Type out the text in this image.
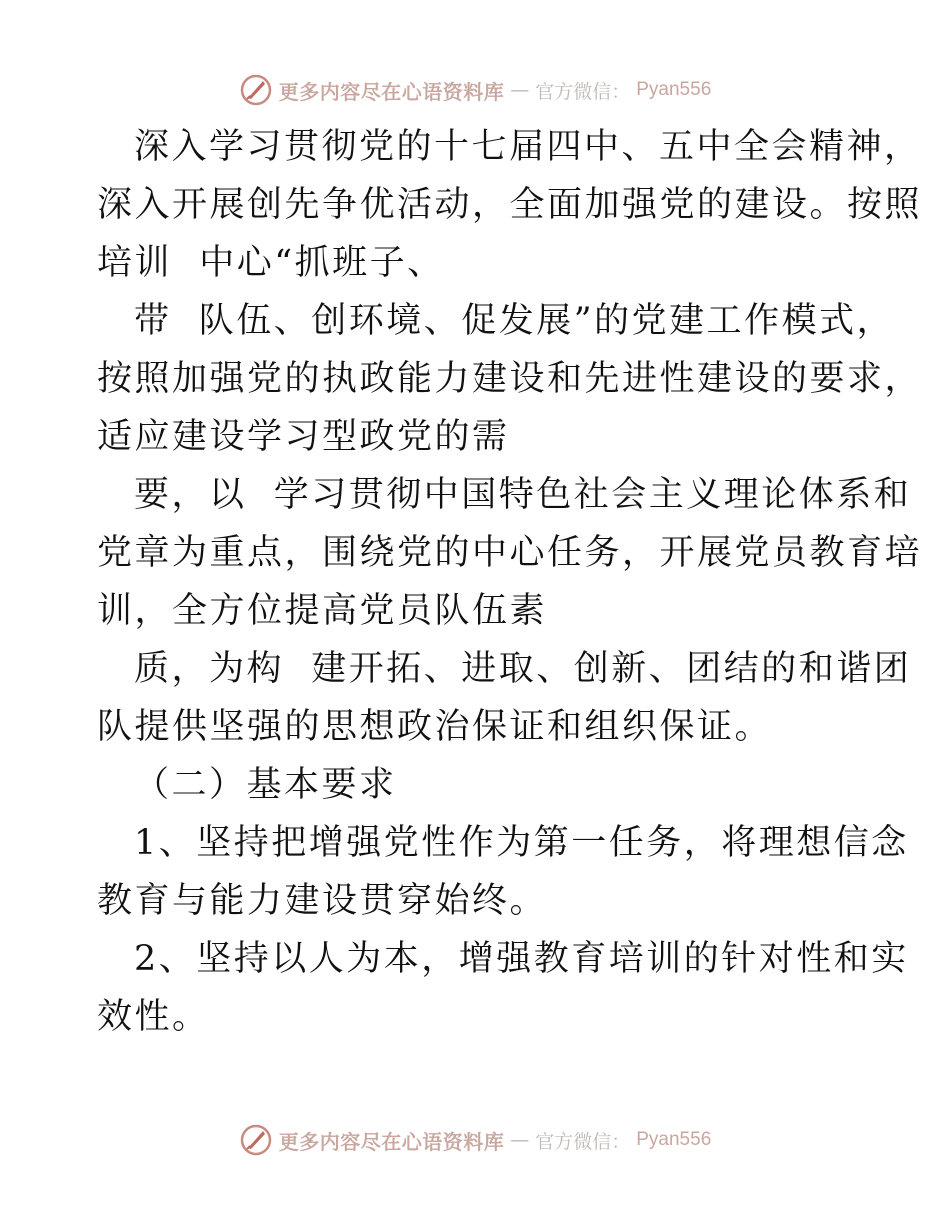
更多内容尽在心语资料库 — 官方微信： Pyan556
深入学习贯彻党的十七届四中、五中全会精神，
深入开展创先争优活动，全面加强党的建设。按照
培训  中心“抓班子、
带  队伍、创环境、促发展”的党建工作模式，
按照加强党的执政能力建设和先进性建设的要求，
适应建设学习型政党的需
要，以  学习贯彻中国特色社会主义理论体系和
党章为重点，围绕党的中心任务，开展党员教育培
训，全方位提高党员队伍素
质，为构  建开拓、进取、创新、团结的和谐团
队提供坚强的思想政治保证和组织保证。
（二）基本要求
1、坚持把增强党性作为第一任务，将理想信念
教育与能力建设贯穿始终。
2、坚持以人为本，增强教育培训的针对性和实
效性。
更多内容尽在心语资料库 — 官方微信： Pyan556
